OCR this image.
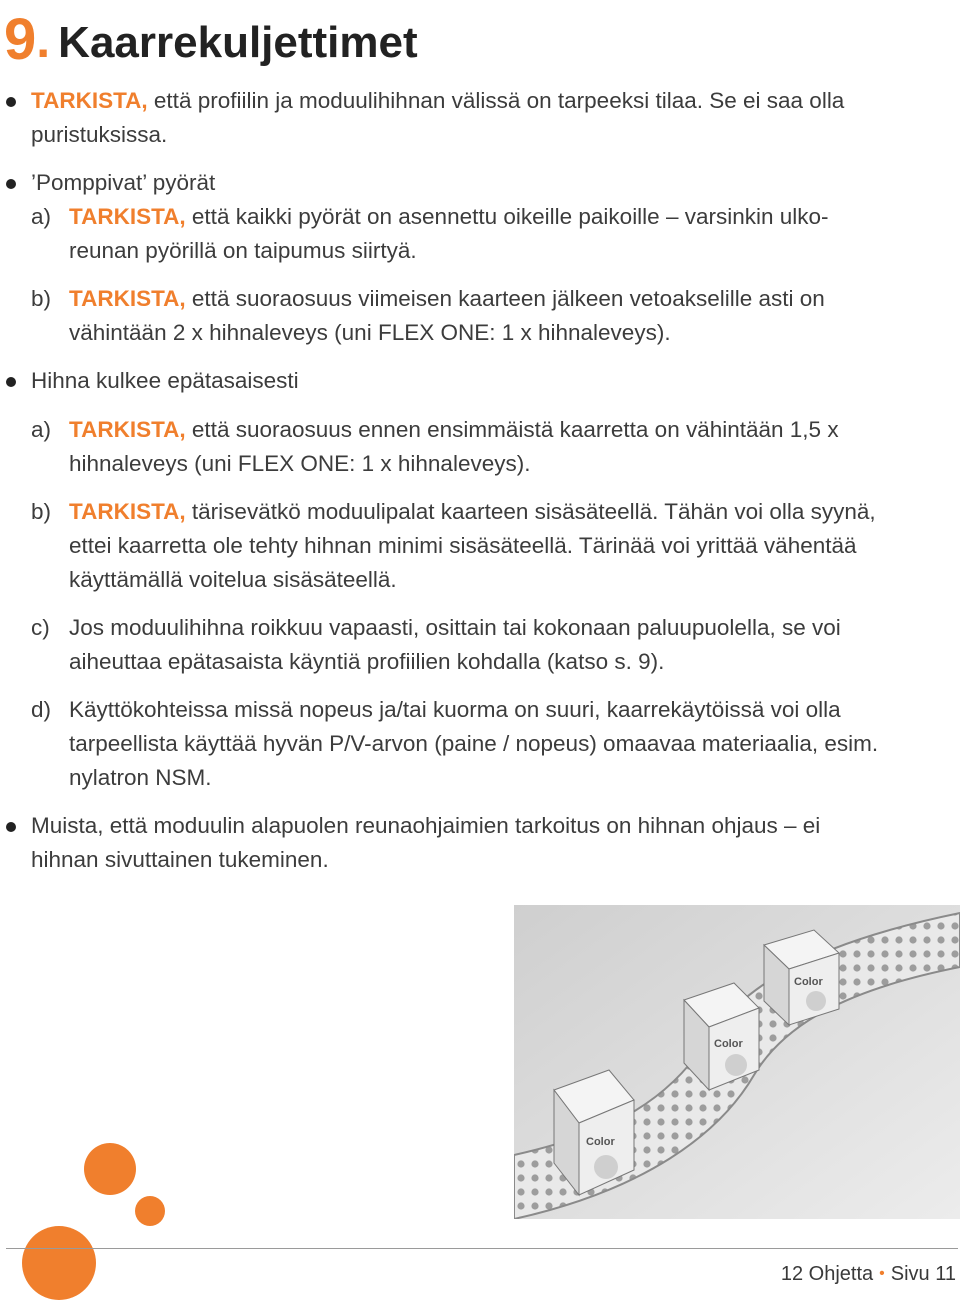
9. Kaarrekuljettimet

TARKISTA, että profiilin ja moduulihihnan välissä on tarpeeksi tilaa. Se ei saa olla

puristuksissa.

’Pomppivat’ pyörät

a) TARKISTA, että kaikki pyörät on asennettu oikeille paikoille – varsinkin ulko-

reunan pyörillä on taipumus siirtyä.

b) TARKISTA, että suoraosuus viimeisen kaarteen jälkeen vetoakselille asti on

vähintään 2 x hihnaleveys (uni FLEX ONE: 1 x hihnaleveys).

Hihna kulkee epätasaisesti

a) TARKISTA, että suoraosuus ennen ensimmäistä kaarretta on vähintään 1,5 x

hihnaleveys (uni FLEX ONE: 1 x hihnaleveys).

b) TARKISTA, tärisevätkö moduulipalat kaarteen sisäsäteellä. Tähän voi olla syynä,

ettei kaarretta ole tehty hihnan minimi sisäsäteellä. Tärinää voi yrittää vähentää

käyttämällä voitelua sisäsäteellä.

c) Jos moduulihihna roikkuu vapaasti, osittain tai kokonaan paluupuolella, se voi

aiheuttaa epätasaista käyntiä profiilien kohdalla (katso s. 9).

d) Käyttökohteissa missä nopeus ja/tai kuorma on suuri, kaarrekäytöissä voi olla

tarpeellista käyttää hyvän P/V-arvon (paine / nopeus) omaavaa materiaalia, esim.

nylatron NSM.

Muista, että moduulin alapuolen reunaohjaimien tarkoitus on hihnan ohjaus – ei

hihnan sivuttainen tukeminen.

Color
Color
Color
12 Ohjetta • Sivu 11
